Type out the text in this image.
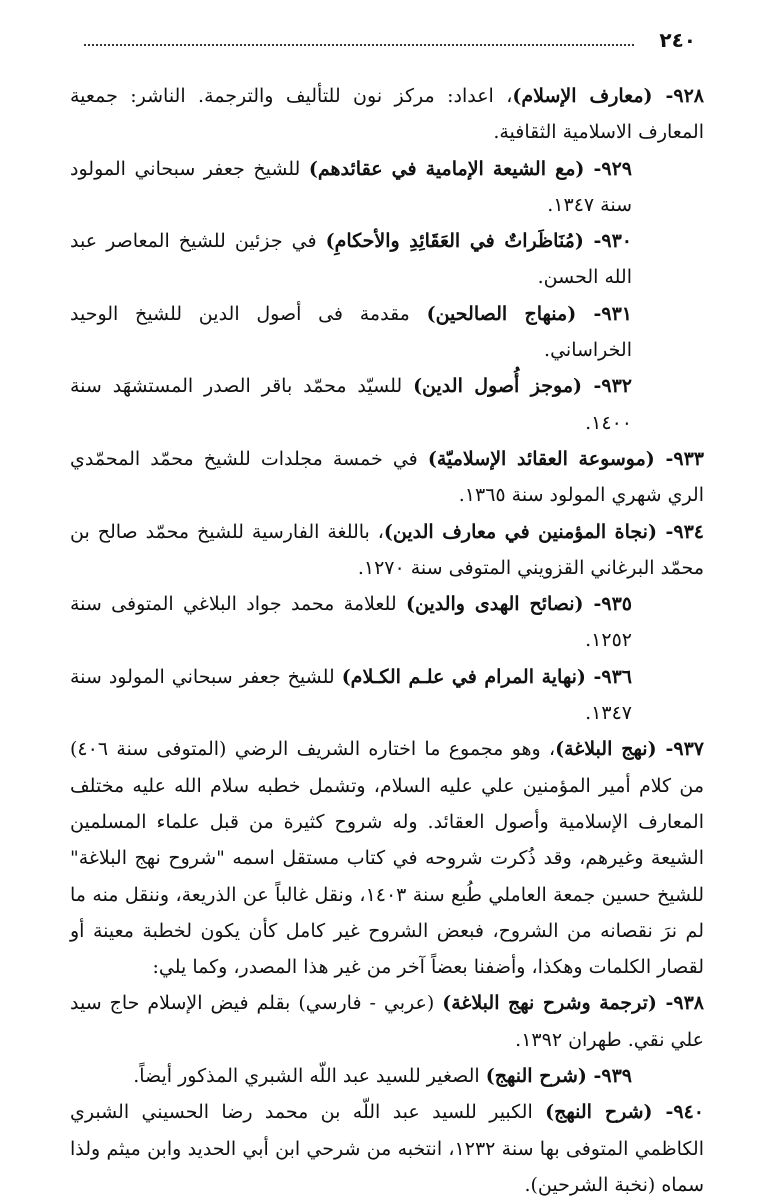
٢٤٠

٩٢٨- (معارف الإسلام)، اعداد: مركز نون للتأليف والترجمة. الناشر: جمعية المعارف الاسلامية الثقافية.

٩٢٩- (مع الشيعة الإمامية في عقائدهم) للشيخ جعفر سبحاني المولود سنة ١٣٤٧.

٩٣٠- (مُنَاظَراتٌ في العَقَائِدِ والأحكامِ) في جزئين للشيخ المعاصر عبد الله الحسن.

٩٣١- (منهاج الصالحين) مقدمة فى أصول الدين للشيخ الوحيد الخراساني.

٩٣٢- (موجز أُصول الدين) للسيّد محمّد باقر الصدر المستشهَد سنة ١٤٠٠.

٩٣٣- (موسوعة العقائد الإسلاميّة) في خمسة مجلدات للشيخ محمّد المحمّدي الري شهري المولود سنة ١٣٦٥.

٩٣٤- (نجاة المؤمنين في معارف الدين)، باللغة الفارسية للشيخ محمّد صالح بن محمّد البرغاني القزويني المتوفى سنة ١٢٧٠.

٩٣٥- (نصائح الهدى والدين) للعلامة محمد جواد البلاغي المتوفى سنة ١٢٥٢.

٩٣٦- (نهاية المرام في علـم الكـلام) للشيخ جعفر سبحاني المولود سنة ١٣٤٧.

٩٣٧- (نهج البلاغة)، وهو مجموع ما اختاره الشريف الرضي (المتوفى سنة ٤٠٦) من كلام أمير المؤمنين علي عليه السلام، وتشمل خطبه سلام الله عليه مختلف المعارف الإسلامية وأصول العقائد. وله شروح كثيرة من قبل علماء المسلمين الشيعة وغيرهم، وقد ذُكرت شروحه في كتاب مستقل اسمه "شروح نهج البلاغة" للشيخ حسين جمعة العاملي طُبع سنة ١٤٠٣، ونقل غالباً عن الذريعة، وننقل منه ما لم نرَ نقصانه من الشروح، فبعض الشروح غير كامل كأن يكون لخطبة معينة أو لقصار الكلمات وهكذا، وأضفنا بعضاً آخر من غير هذا المصدر، وكما يلي:

٩٣٨- (ترجمة وشرح نهج البلاغة) (عربي - فارسي) بقلم فيض الإسلام حاج سيد علي نقي. طهران ١٣٩٢.

٩٣٩- (شرح النهج) الصغير للسيد عبد اللّه الشبري المذكور أيضاً.

٩٤٠- (شرح النهج) الكبير للسيد عبد اللّه بن محمد رضا الحسيني الشبري الكاظمي المتوفى بها سنة ١٢٣٢، انتخبه من شرحي ابن أبي الحديد وابن ميثم ولذا سماه (نخبة الشرحين).
